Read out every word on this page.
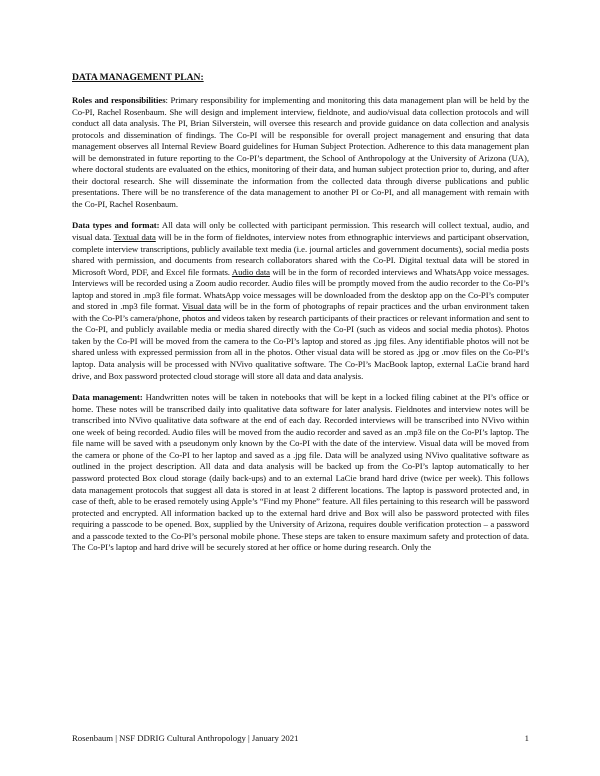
DATA MANAGEMENT PLAN:

Roles and responsibilities: Primary responsibility for implementing and monitoring this data management plan will be held by the Co-PI, Rachel Rosenbaum. She will design and implement interview, fieldnote, and audio/visual data collection protocols and will conduct all data analysis. The PI, Brian Silverstein, will oversee this research and provide guidance on data collection and analysis protocols and dissemination of findings. The Co-PI will be responsible for overall project management and ensuring that data management observes all Internal Review Board guidelines for Human Subject Protection. Adherence to this data management plan will be demonstrated in future reporting to the Co-PI’s department, the School of Anthropology at the University of Arizona (UA), where doctoral students are evaluated on the ethics, monitoring of their data, and human subject protection prior to, during, and after their doctoral research. She will disseminate the information from the collected data through diverse publications and public presentations. There will be no transference of the data management to another PI or Co-PI, and all management with remain with the Co-PI, Rachel Rosenbaum.

Data types and format: All data will only be collected with participant permission. This research will collect textual, audio, and visual data. Textual data will be in the form of fieldnotes, interview notes from ethnographic interviews and participant observation, complete interview transcriptions, publicly available text media (i.e. journal articles and government documents), social media posts shared with permission, and documents from research collaborators shared with the Co-PI. Digital textual data will be stored in Microsoft Word, PDF, and Excel file formats. Audio data will be in the form of recorded interviews and WhatsApp voice messages. Interviews will be recorded using a Zoom audio recorder. Audio files will be promptly moved from the audio recorder to the Co-PI’s laptop and stored in .mp3 file format. WhatsApp voice messages will be downloaded from the desktop app on the Co-PI’s computer and stored in .mp3 file format. Visual data will be in the form of photographs of repair practices and the urban environment taken with the Co-PI’s camera/phone, photos and videos taken by research participants of their practices or relevant information and sent to the Co-PI, and publicly available media or media shared directly with the Co-PI (such as videos and social media photos). Photos taken by the Co-PI will be moved from the camera to the Co-PI’s laptop and stored as .jpg files. Any identifiable photos will not be shared unless with expressed permission from all in the photos. Other visual data will be stored as .jpg or .mov files on the Co-PI’s laptop. Data analysis will be processed with NVivo qualitative software. The Co-PI’s MacBook laptop, external LaCie brand hard drive, and Box password protected cloud storage will store all data and data analysis.

Data management: Handwritten notes will be taken in notebooks that will be kept in a locked filing cabinet at the PI’s office or home. These notes will be transcribed daily into qualitative data software for later analysis. Fieldnotes and interview notes will be transcribed into NVivo qualitative data software at the end of each day. Recorded interviews will be transcribed into NVivo within one week of being recorded. Audio files will be moved from the audio recorder and saved as an .mp3 file on the Co-PI’s laptop. The file name will be saved with a pseudonym only known by the Co-PI with the date of the interview. Visual data will be moved from the camera or phone of the Co-PI to her laptop and saved as a .jpg file. Data will be analyzed using NVivo qualitative software as outlined in the project description. All data and data analysis will be backed up from the Co-PI’s laptop automatically to her password protected Box cloud storage (daily back-ups) and to an external LaCie brand hard drive (twice per week). This follows data management protocols that suggest all data is stored in at least 2 different locations. The laptop is password protected and, in case of theft, able to be erased remotely using Apple’s “Find my Phone” feature. All files pertaining to this research will be password protected and encrypted. All information backed up to the external hard drive and Box will also be password protected with files requiring a passcode to be opened. Box, supplied by the University of Arizona, requires double verification protection – a password and a passcode texted to the Co-PI’s personal mobile phone. These steps are taken to ensure maximum safety and protection of data. The Co-PI’s laptop and hard drive will be securely stored at her office or home during research. Only the

Rosenbaum | NSF DDRIG Cultural Anthropology | January 2021	1
